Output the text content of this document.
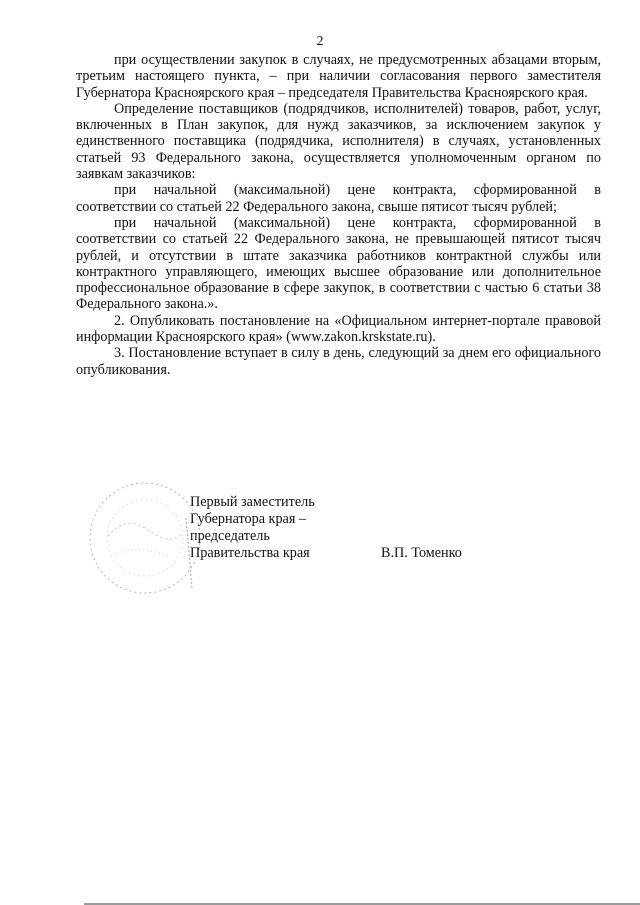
2

при осуществлении закупок в случаях, не предусмотренных абзацами вторым, третьим настоящего пункта, – при наличии согласования первого заместителя Губернатора Красноярского края – председателя Правительства Красноярского края.

Определение поставщиков (подрядчиков, исполнителей) товаров, работ, услуг, включенных в План закупок, для нужд заказчиков, за исключением закупок у единственного поставщика (подрядчика, исполнителя) в случаях, установленных статьей 93 Федерального закона, осуществляется уполномоченным органом по заявкам заказчиков:

при начальной (максимальной) цене контракта, сформированной в соответствии со статьей 22 Федерального закона, свыше пятисот тысяч рублей;

при начальной (максимальной) цене контракта, сформированной в соответствии со статьей 22 Федерального закона, не превышающей пятисот тысяч рублей, и отсутствии в штате заказчика работников контрактной службы или контрактного управляющего, имеющих высшее образование или дополнительное профессиональное образование в сфере закупок, в соответствии с частью 6 статьи 38 Федерального закона.».

2. Опубликовать постановление на «Официальном интернет-портале правовой информации Красноярского края» (www.zakon.krskstate.ru).

3. Постановление вступает в силу в день, следующий за днем его официального опубликования.

Первый заместитель
Губернатора края –
председатель
Правительства края	В.П. Томенко
